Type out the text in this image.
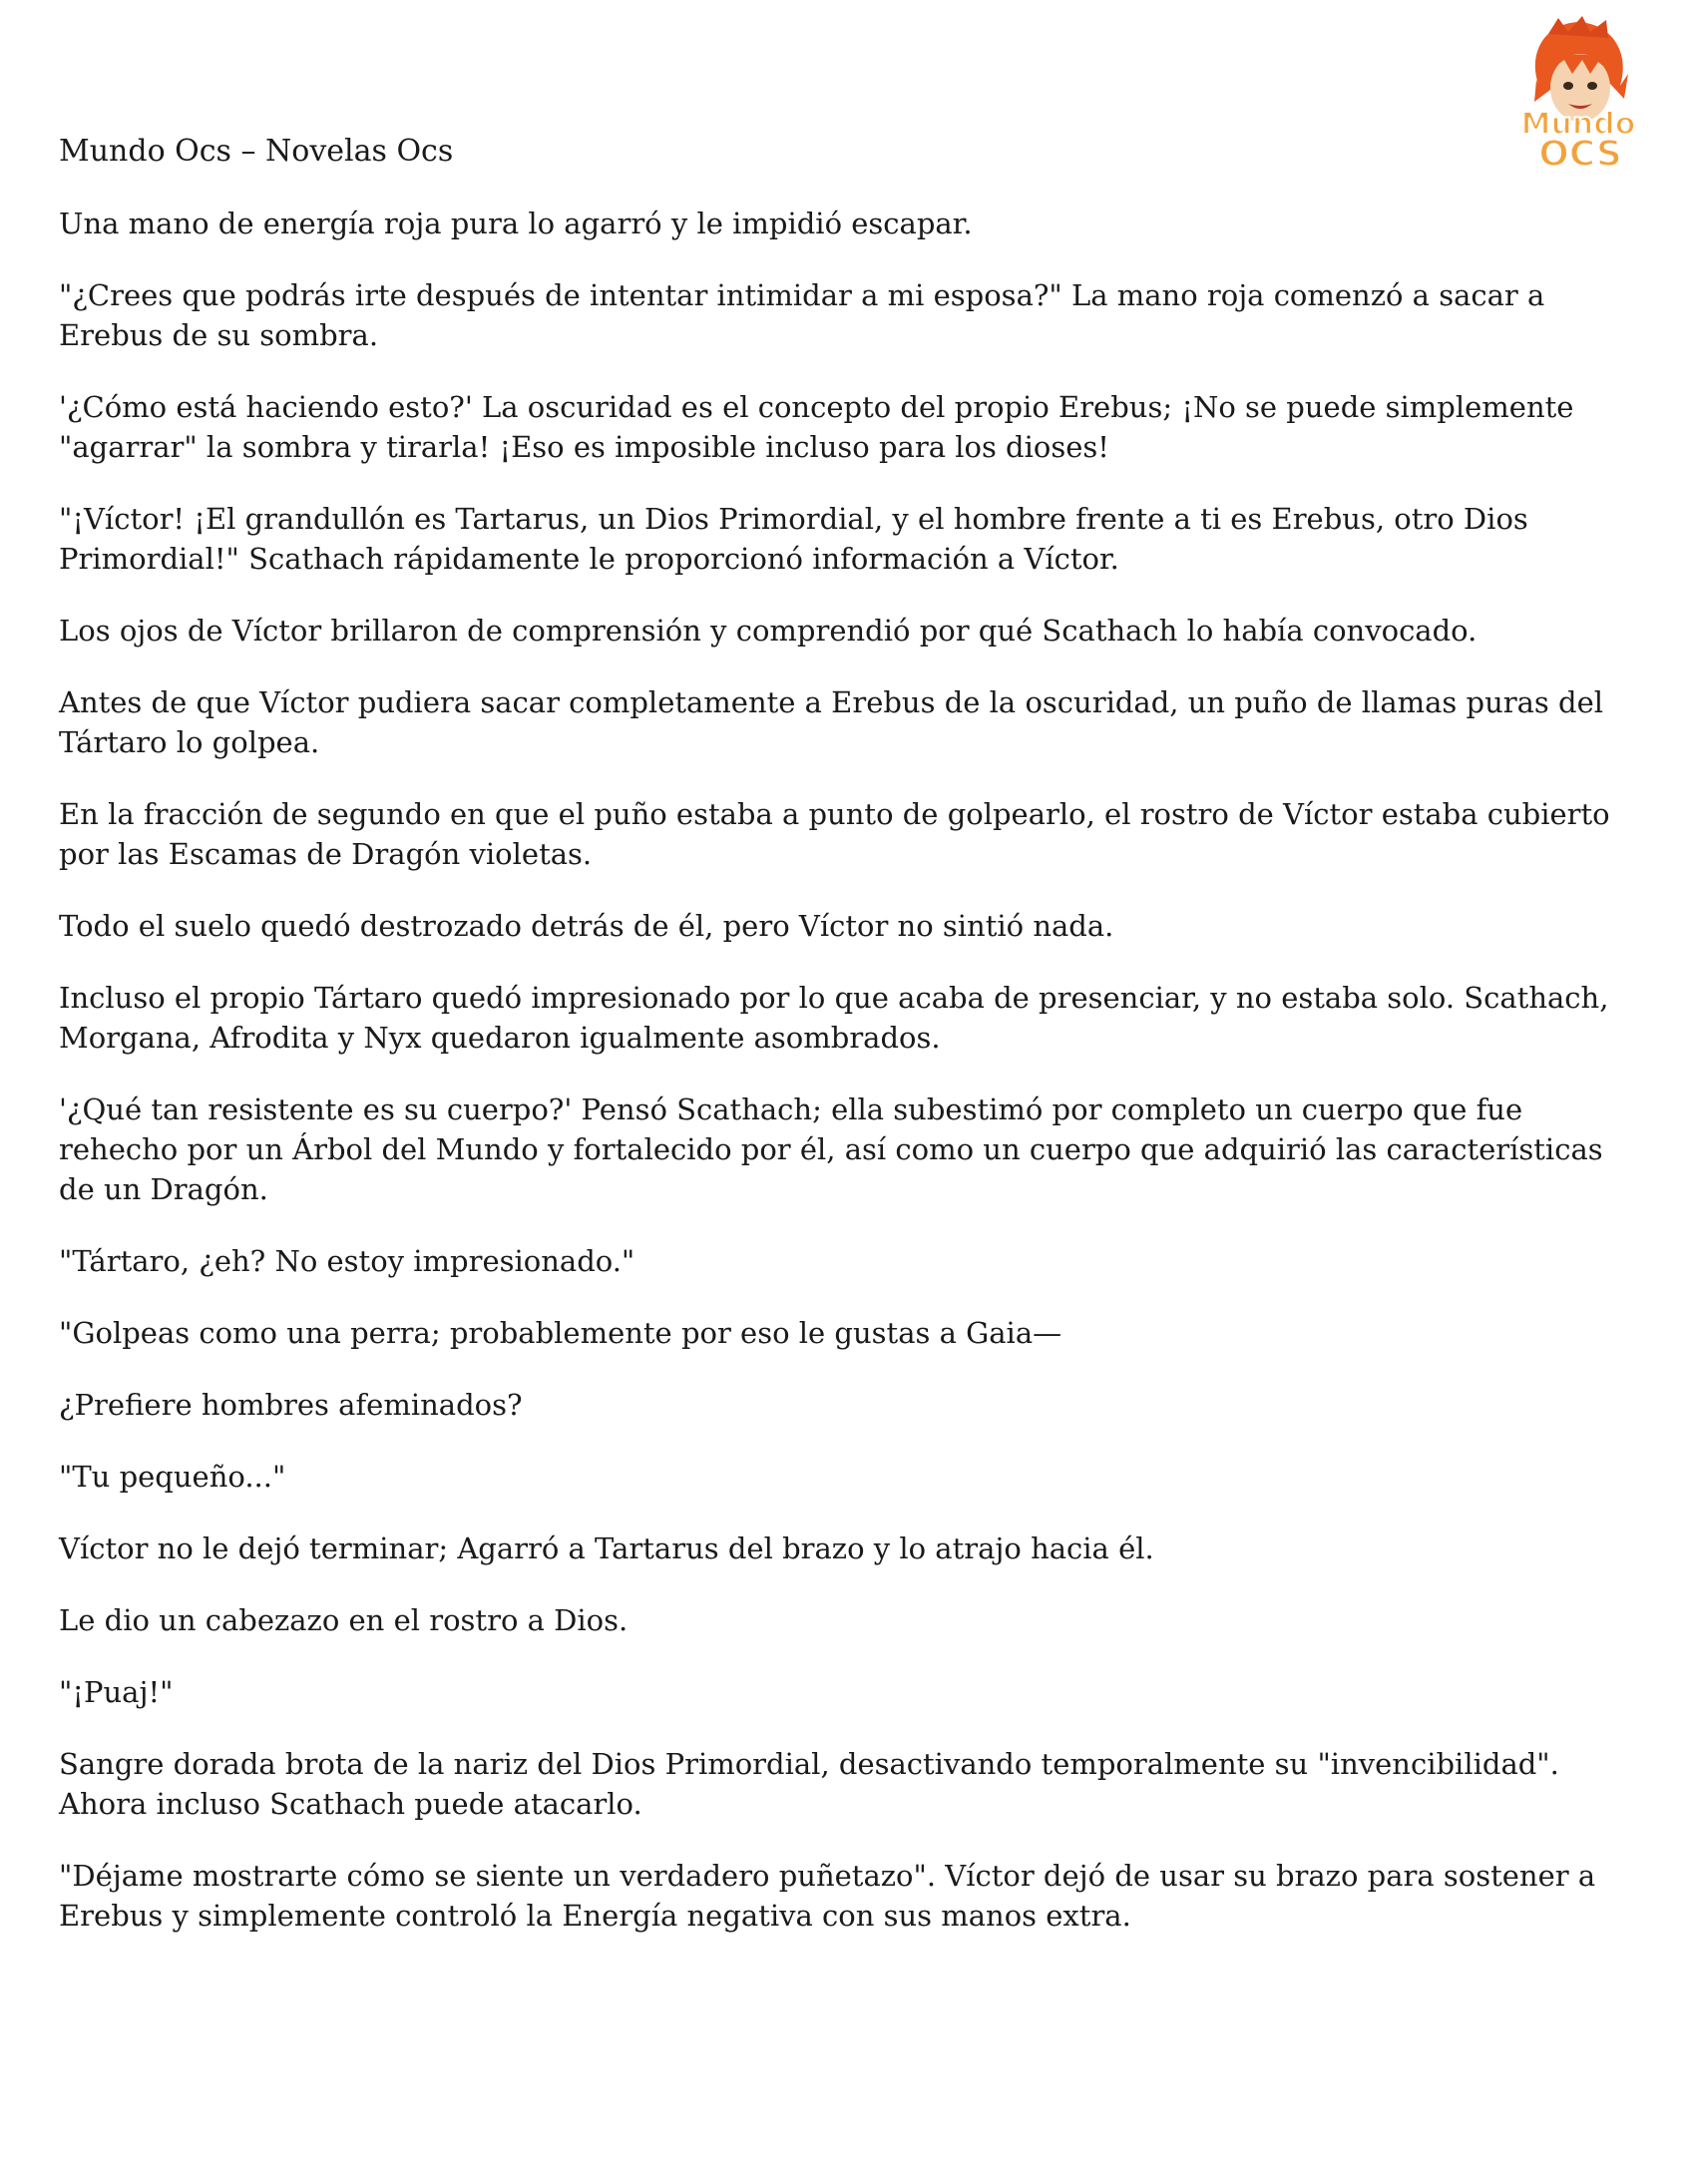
Mundo
OCS
Mundo Ocs – Novelas Ocs

Una mano de energía roja pura lo agarró y le impidió escapar.

"¿Crees que podrás irte después de intentar intimidar a mi esposa?" La mano roja comenzó a sacar a Erebus de su sombra.

'¿Cómo está haciendo esto?' La oscuridad es el concepto del propio Erebus; ¡No se puede simplemente "agarrar" la sombra y tirarla! ¡Eso es imposible incluso para los dioses!

"¡Víctor! ¡El grandullón es Tartarus, un Dios Primordial, y el hombre frente a ti es Erebus, otro Dios Primordial!" Scathach rápidamente le proporcionó información a Víctor.

Los ojos de Víctor brillaron de comprensión y comprendió por qué Scathach lo había convocado.

Antes de que Víctor pudiera sacar completamente a Erebus de la oscuridad, un puño de llamas puras del Tártaro lo golpea.

En la fracción de segundo en que el puño estaba a punto de golpearlo, el rostro de Víctor estaba cubierto por las Escamas de Dragón violetas.

Todo el suelo quedó destrozado detrás de él, pero Víctor no sintió nada.

Incluso el propio Tártaro quedó impresionado por lo que acaba de presenciar, y no estaba solo. Scathach, Morgana, Afrodita y Nyx quedaron igualmente asombrados.

'¿Qué tan resistente es su cuerpo?' Pensó Scathach; ella subestimó por completo un cuerpo que fue rehecho por un Árbol del Mundo y fortalecido por él, así como un cuerpo que adquirió las características de un Dragón.

"Tártaro, ¿eh? No estoy impresionado."

"Golpeas como una perra; probablemente por eso le gustas a Gaia—

¿Prefiere hombres afeminados?

"Tu pequeño..."

Víctor no le dejó terminar; Agarró a Tartarus del brazo y lo atrajo hacia él.

Le dio un cabezazo en el rostro a Dios.

"¡Puaj!"

Sangre dorada brota de la nariz del Dios Primordial, desactivando temporalmente su "invencibilidad". Ahora incluso Scathach puede atacarlo.

"Déjame mostrarte cómo se siente un verdadero puñetazo". Víctor dejó de usar su brazo para sostener a Erebus y simplemente controló la Energía negativa con sus manos extra.
